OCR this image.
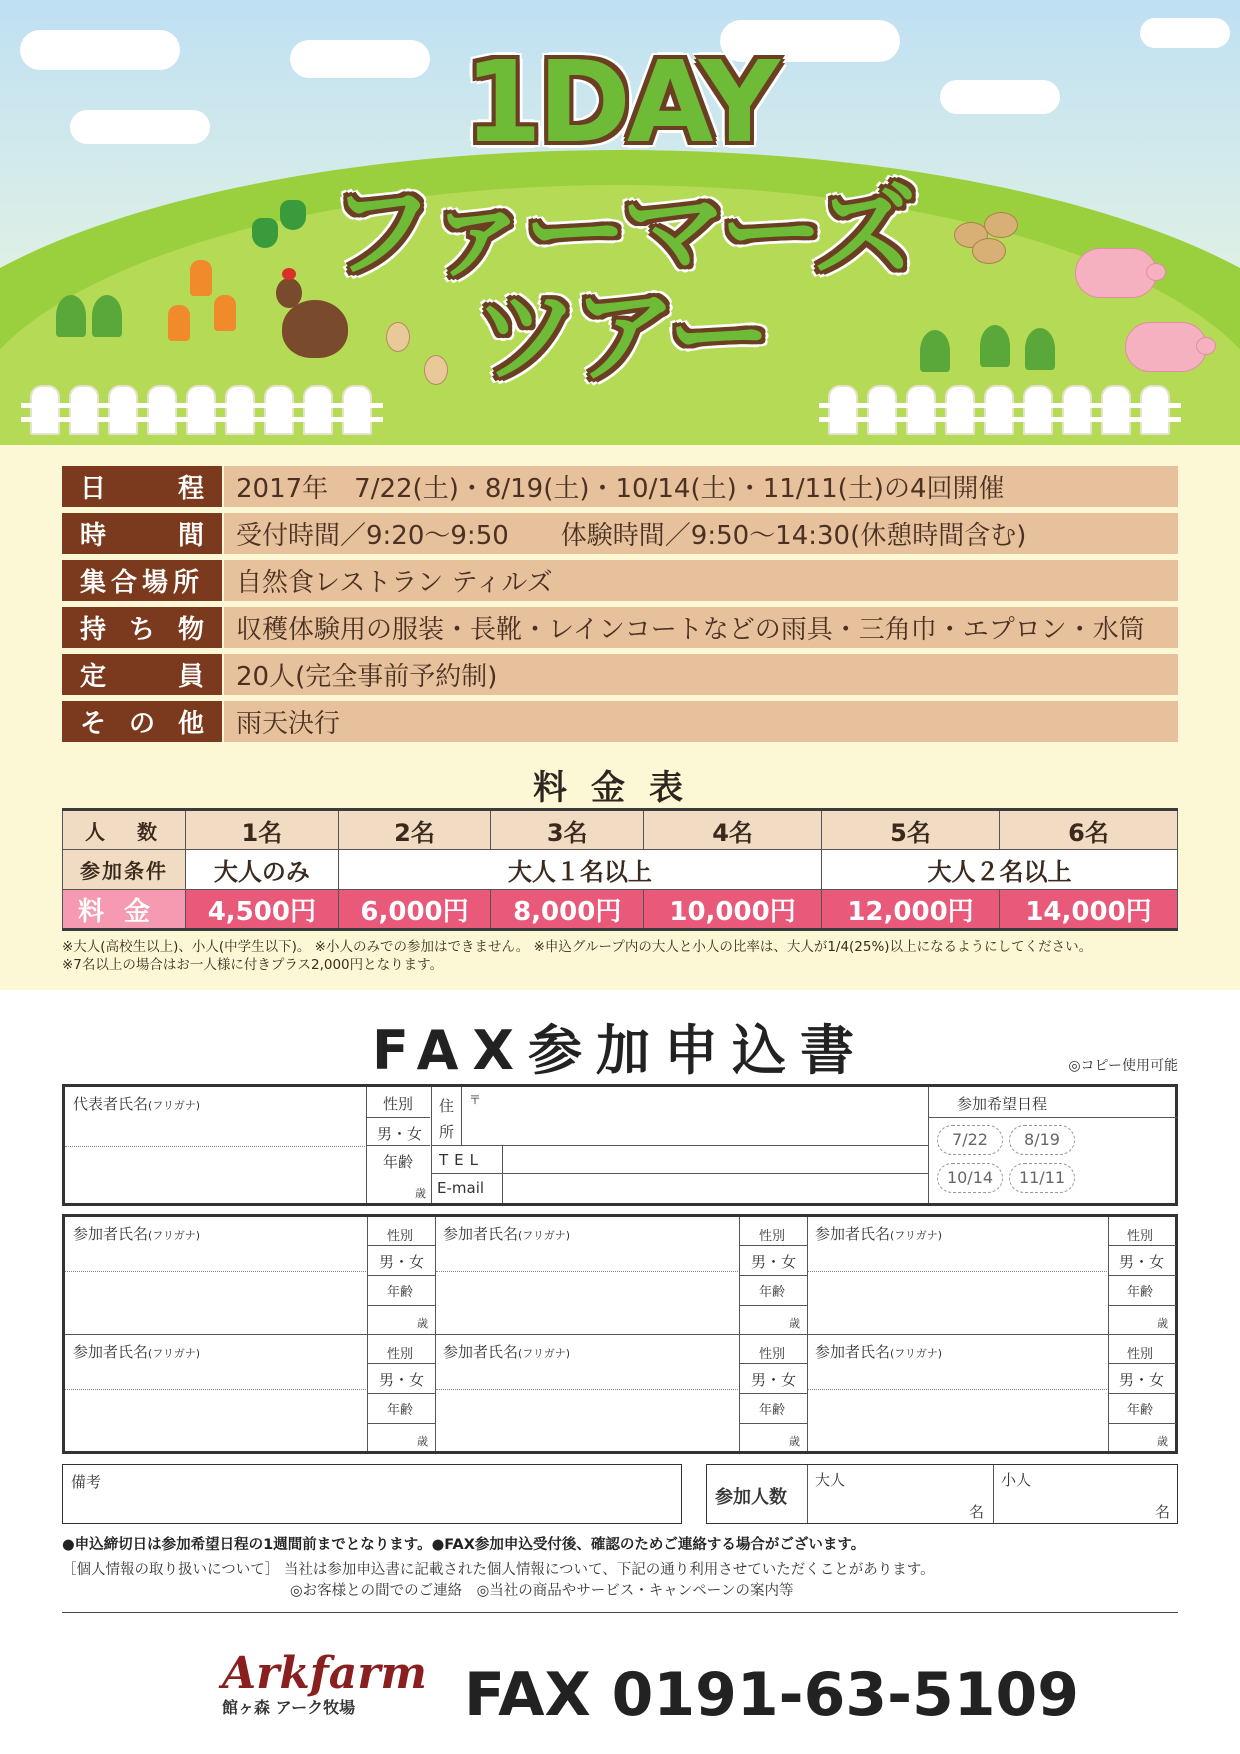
1DAY
ファーマーズ
ツアー
日	程	2017年　7/22(土)・8/19(土)・10/14(土)・11/11(土)の4回開催
時	間	受付時間／9:20〜9:50　　体験時間／9:50〜14:30(休憩時間含む)
集合場所	自然食レストラン ティルズ
持 ち 物	収穫体験用の服装・長靴・レインコートなどの雨具・三角巾・エプロン・水筒
定	員	20人(完全事前予約制)
そ の 他	雨天決行
料金表
人　数	1名	2名	3名	4名	5名	6名
参加条件	大人のみ	大人１名以上			大人２名以上	
料金	4,500円	6,000円	8,000円	10,000円	12,000円	14,000円
※大人(高校生以上)、小人(中学生以下)。 ※小人のみでの参加はできません。 ※申込グループ内の大人と小人の比率は、大人が1/4(25%)以上になるようにしてください。
※7名以上の場合はお一人様に付きプラス2,000円となります。
FAX参加申込書	◎コピー使用可能
代表者氏名(フリガナ)	性別
男・女
年齢
歳
住
所
〒
TEL
E-mail
参加希望日程
7/22	8/19
10/14	11/11
参加者氏名(フリガナ)	性別
男・女
年齢
歳
参加者氏名(フリガナ)	性別
男・女
年齢
歳
参加者氏名(フリガナ)	性別
男・女
年齢
歳
参加者氏名(フリガナ)	性別
男・女
年齢
歳
参加者氏名(フリガナ)	性別
男・女
年齢
歳
参加者氏名(フリガナ)	性別
男・女
年齢
歳
備考
参加人数
大人
名
小人
名
●申込締切日は参加希望日程の1週間前までとなります。●FAX参加申込受付後、確認のためご連絡する場合がございます。
［個人情報の取り扱いについて］ 当社は参加申込書に記載された個人情報について、下記の通り利用させていただくことがあります。
◎お客様との間でのご連絡　◎当社の商品やサービス・キャンペーンの案内等
Arkfarm
館ヶ森 アーク牧場	FAX 0191-63-5109
